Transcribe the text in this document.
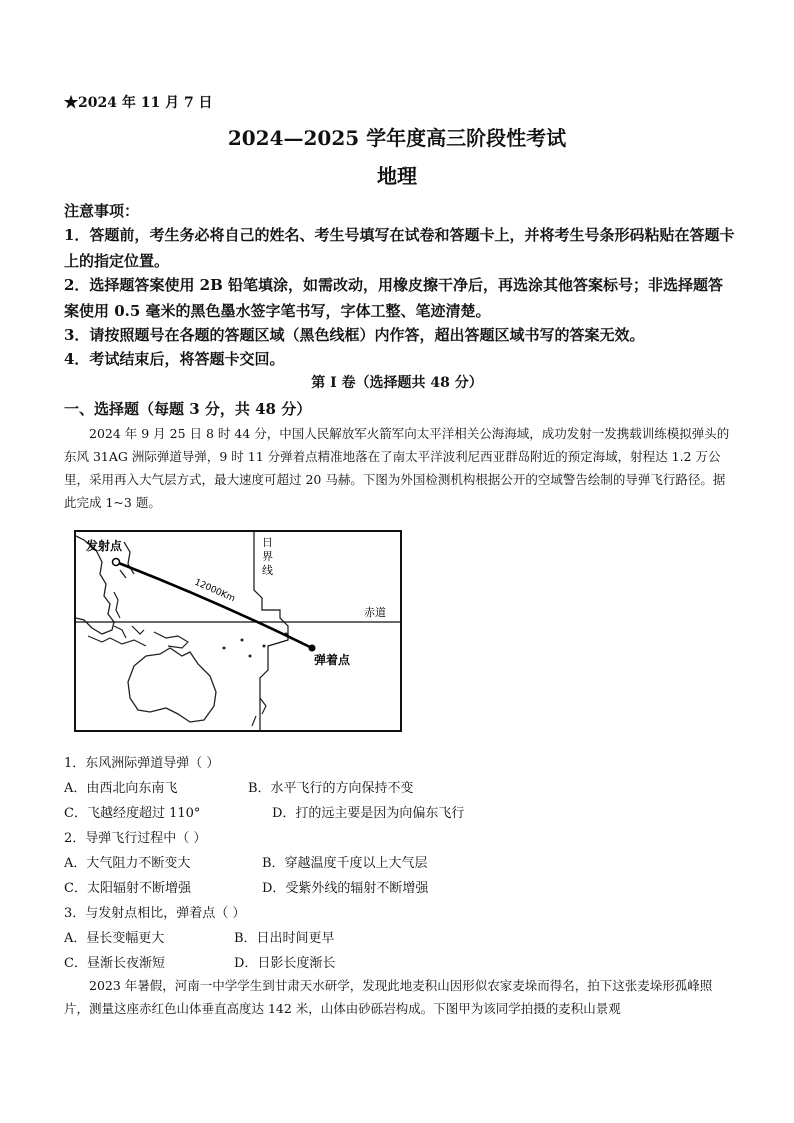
★2024 年 11 月 7 日
2024—2025 学年度高三阶段性考试
地理
注意事项：
1．答题前，考生务必将自己的姓名、考生号填写在试卷和答题卡上，并将考生号条形码粘贴在答题卡上的指定位置。
2．选择题答案使用 2B 铅笔填涂，如需改动，用橡皮擦干净后，再选涂其他答案标号；非选择题答案使用 0.5 毫米的黑色墨水签字笔书写，字体工整、笔迹清楚。
3．请按照题号在各题的答题区域（黑色线框）内作答，超出答题区域书写的答案无效。
4．考试结束后，将答题卡交回。
第 I 卷（选择题共 48 分）
一、选择题（每题 3 分，共 48 分）
2024 年 9 月 25 日 8 时 44 分，中国人民解放军火箭军向太平洋相关公海海域，成功发射一发携载训练模拟弹头的东风 31AG 洲际弹道导弹，9 时 11 分弹着点精准地落在了南太平洋波利尼西亚群岛附近的预定海域，射程达 1.2 万公里，采用再入大气层方式，最大速度可超过 20 马赫。下图为外国检测机构根据公开的空域警告绘制的导弹飞行路径。据此完成 1~3 题。
赤道
日
界
线
发射点
弹着点
12000Km
1．东风洲际弹道导弹（ ）
A．由西北向东南飞	B．水平飞行的方向保持不变
C．飞越经度超过 110°	D．打的远主要是因为向偏东飞行
2．导弹飞行过程中（ ）
A．大气阻力不断变大	B．穿越温度千度以上大气层
C．太阳辐射不断增强	D．受紫外线的辐射不断增强
3．与发射点相比，弹着点（ ）
A．昼长变幅更大	B．日出时间更早
C．昼渐长夜渐短	D．日影长度渐长
2023 年暑假，河南一中学学生到甘肃天水研学，发现此地麦积山因形似农家麦垛而得名，拍下这张麦垛形孤峰照片，测量这座赤红色山体垂直高度达 142 米，山体由砂砾岩构成。下图甲为该同学拍摄的麦积山景观
